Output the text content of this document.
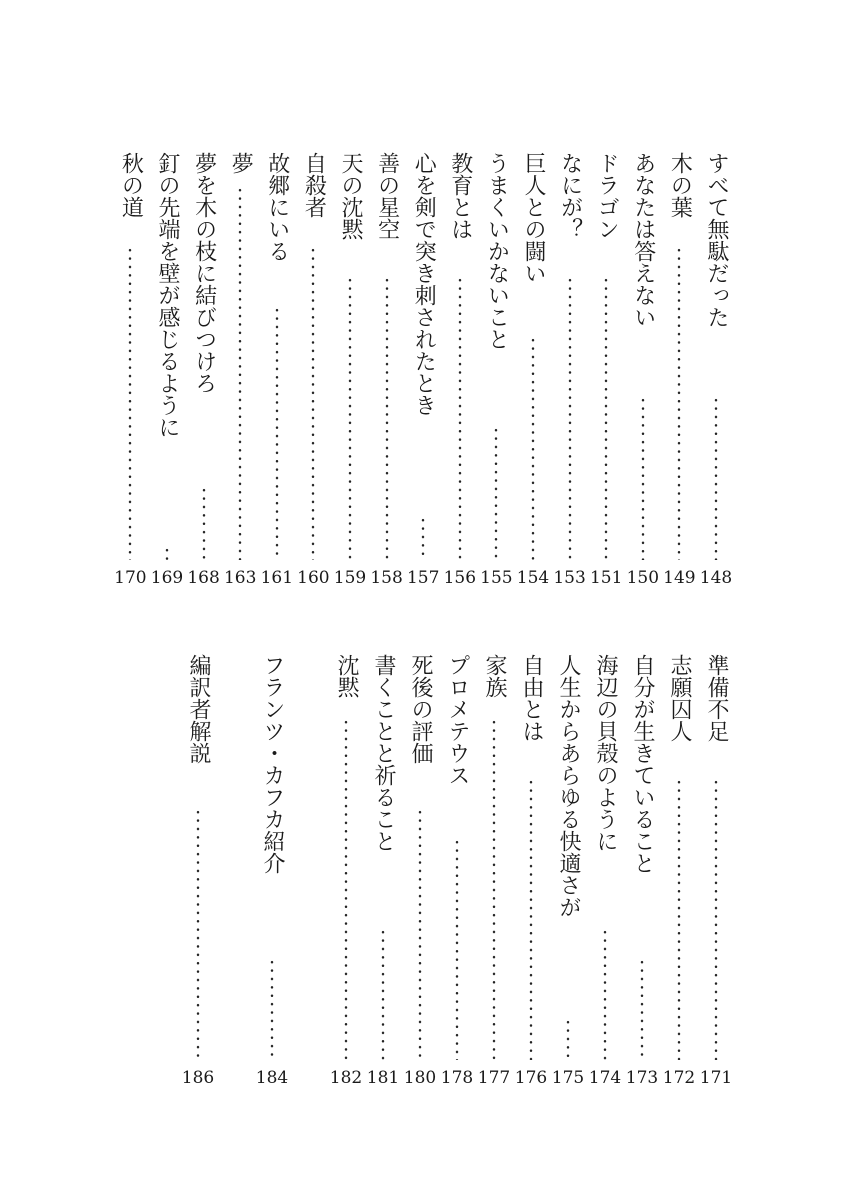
すべて無駄だった
148
木の葉
149
あなたは答えない
150
ドラゴン
151
なにが？
153
巨人との闘い
154
うまくいかないこと
155
教育とは
156
心を剣で突き刺されたとき
157
善の星空
158
天の沈黙
159
自殺者
160
故郷にいる
161
夢
163
夢を木の枝に結びつけろ
168
釘の先端を壁が感じるように
169
秋の道
170
準備不足
171
志願囚人
172
自分が生きていること
173
海辺の貝殻のように
174
人生からあらゆる快適さが
175
自由とは
176
家族
177
プロメテウス
178
死後の評価
180
書くことと祈ること
181
沈黙
182
フランツ・カフカ紹介
184
編訳者解説
186
